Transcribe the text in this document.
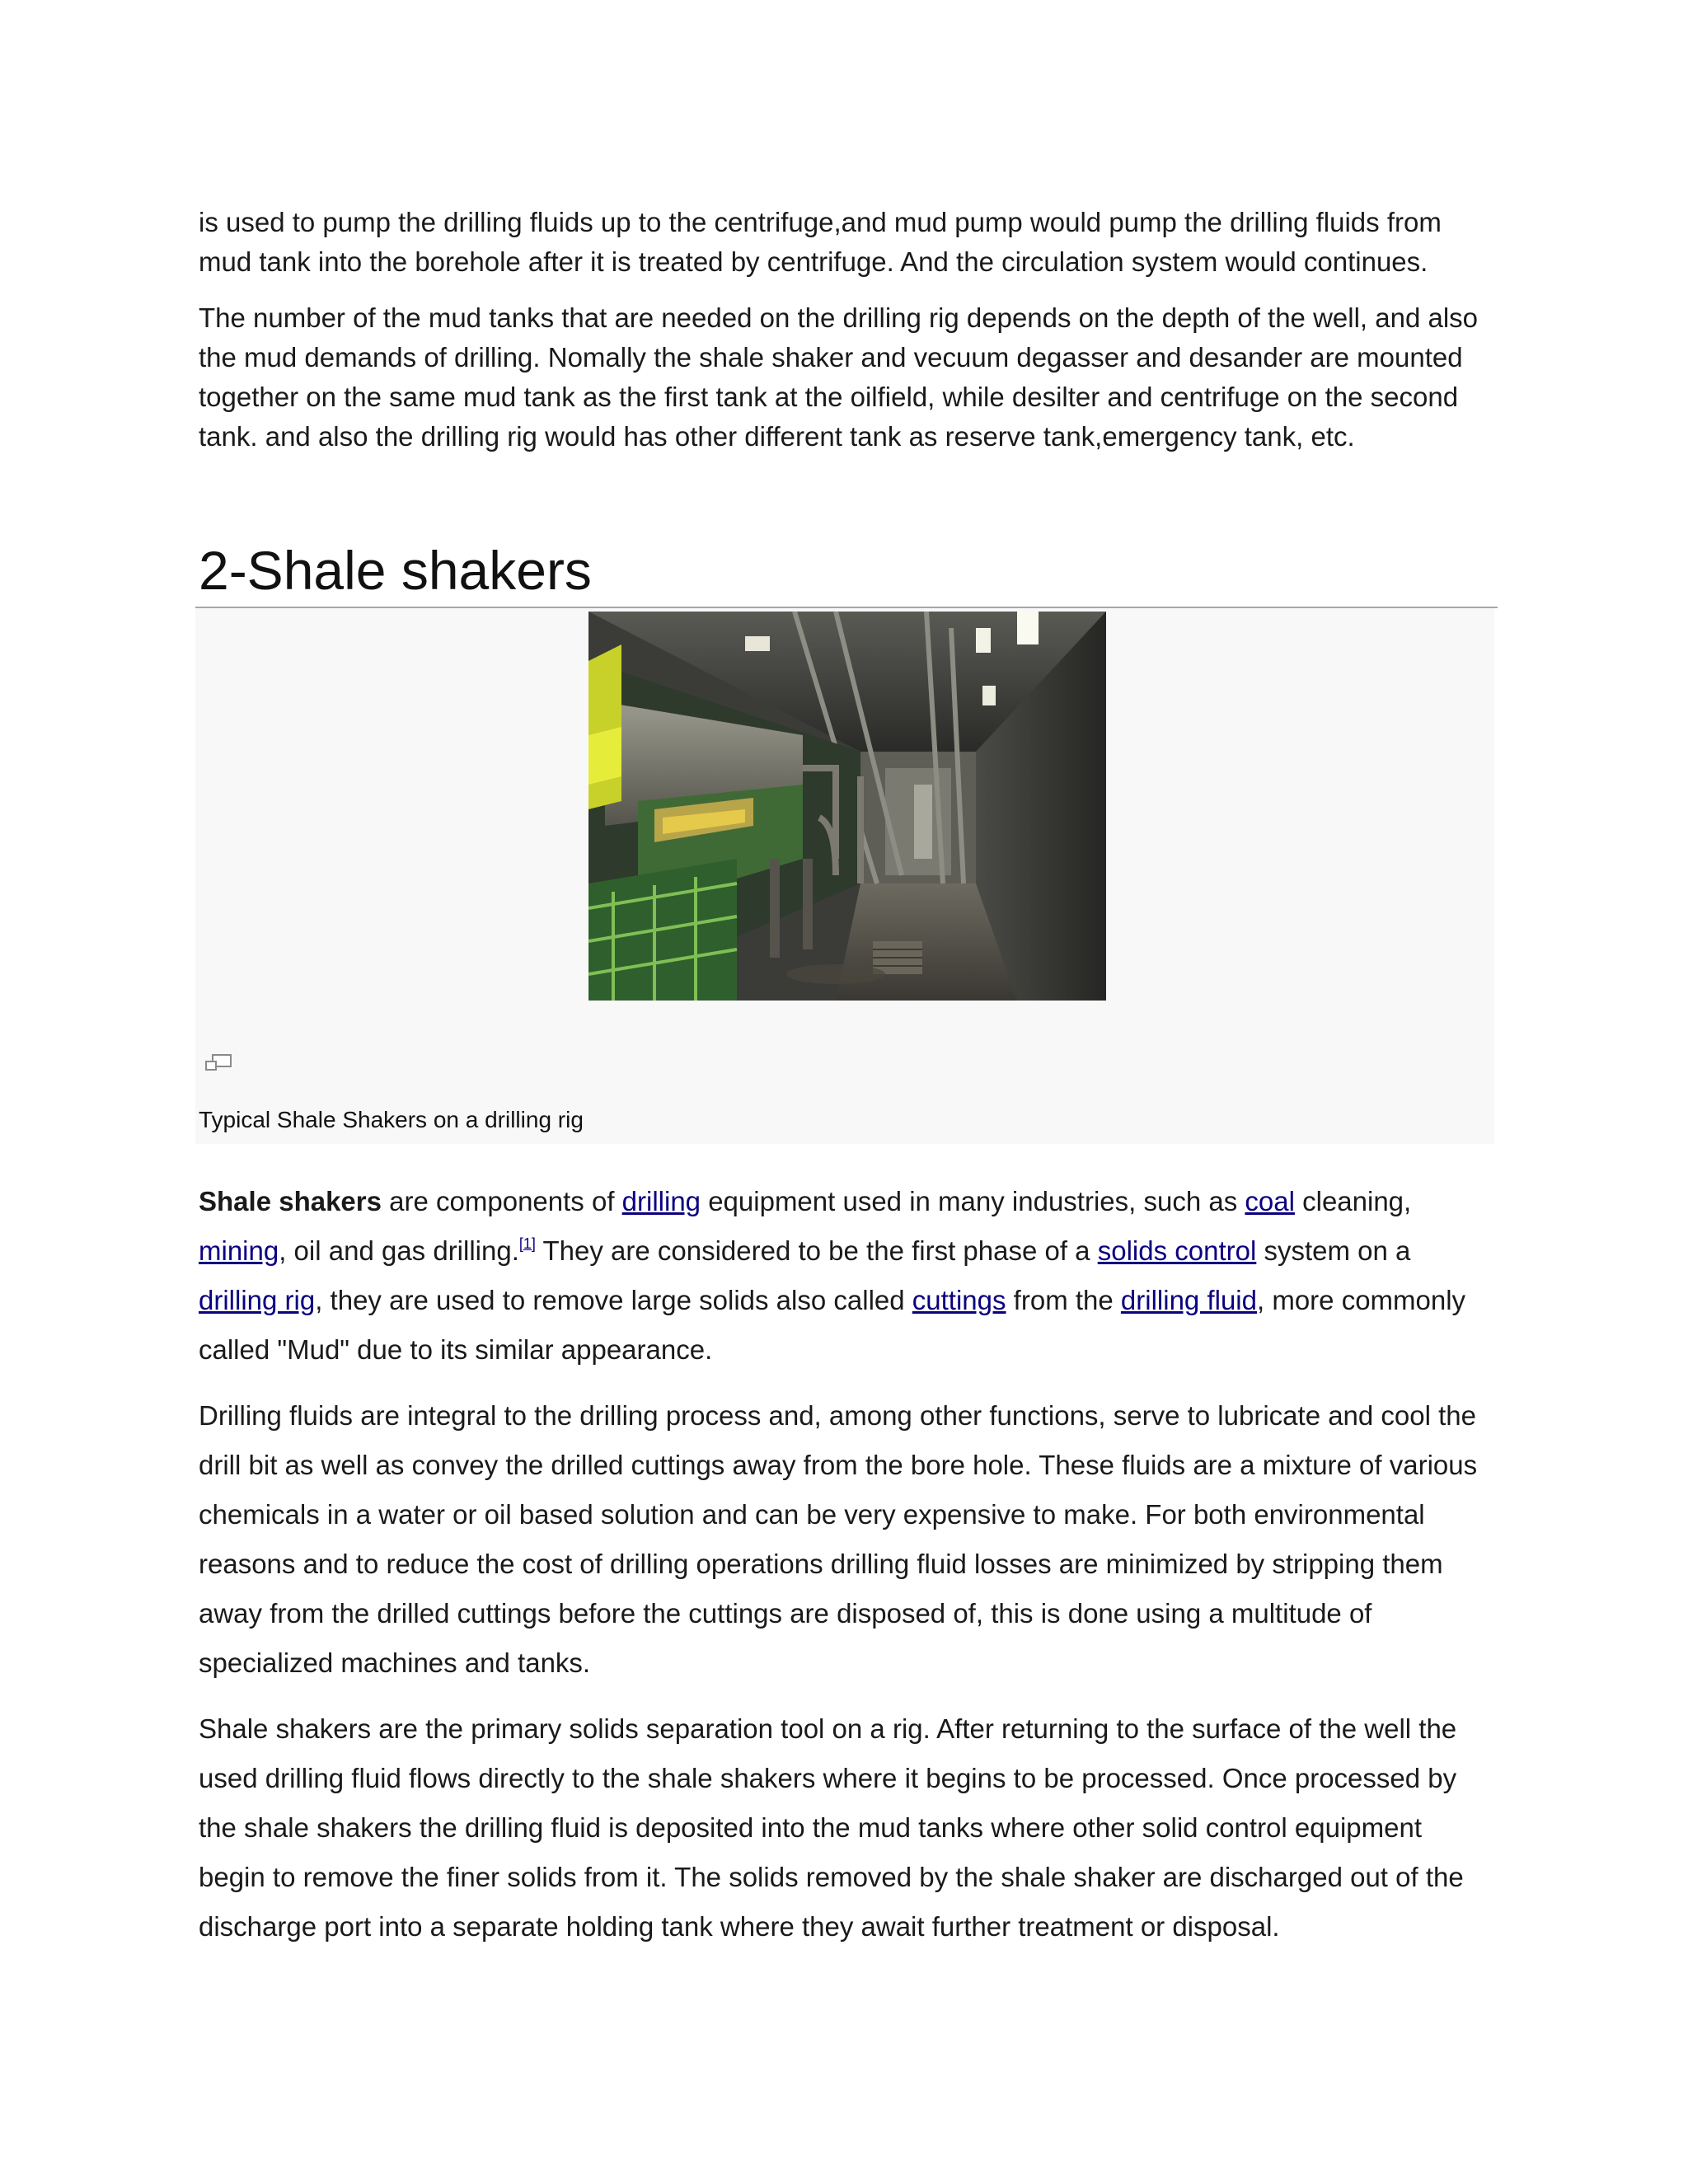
is used to pump the drilling fluids up to the centrifuge,and mud pump would pump the drilling fluids from mud tank into the borehole after it is treated by centrifuge. And the circulation system would continues.

The number of the mud tanks that are needed on the drilling rig depends on the depth of the well, and also the mud demands of drilling. Nomally the shale shaker and vecuum degasser and desander are mounted together on the same mud tank as the first tank at the oilfield, while desilter and centrifuge on the second tank. and also the drilling rig would has other different tank as reserve tank,emergency tank, etc.

2-Shale shakers
Typical Shale Shakers on a drilling rig

Shale shakers are components of drilling equipment used in many industries, such as coal cleaning, mining, oil and gas drilling.[1] They are considered to be the first phase of a solids control system on a drilling rig, they are used to remove large solids also called cuttings from the drilling fluid, more commonly called "Mud" due to its similar appearance.

Drilling fluids are integral to the drilling process and, among other functions, serve to lubricate and cool the drill bit as well as convey the drilled cuttings away from the bore hole. These fluids are a mixture of various chemicals in a water or oil based solution and can be very expensive to make. For both environmental reasons and to reduce the cost of drilling operations drilling fluid losses are minimized by stripping them away from the drilled cuttings before the cuttings are disposed of, this is done using a multitude of specialized machines and tanks.

Shale shakers are the primary solids separation tool on a rig. After returning to the surface of the well the used drilling fluid flows directly to the shale shakers where it begins to be processed. Once processed by the shale shakers the drilling fluid is deposited into the mud tanks where other solid control equipment begin to remove the finer solids from it. The solids removed by the shale shaker are discharged out of the discharge port into a separate holding tank where they await further treatment or disposal.
